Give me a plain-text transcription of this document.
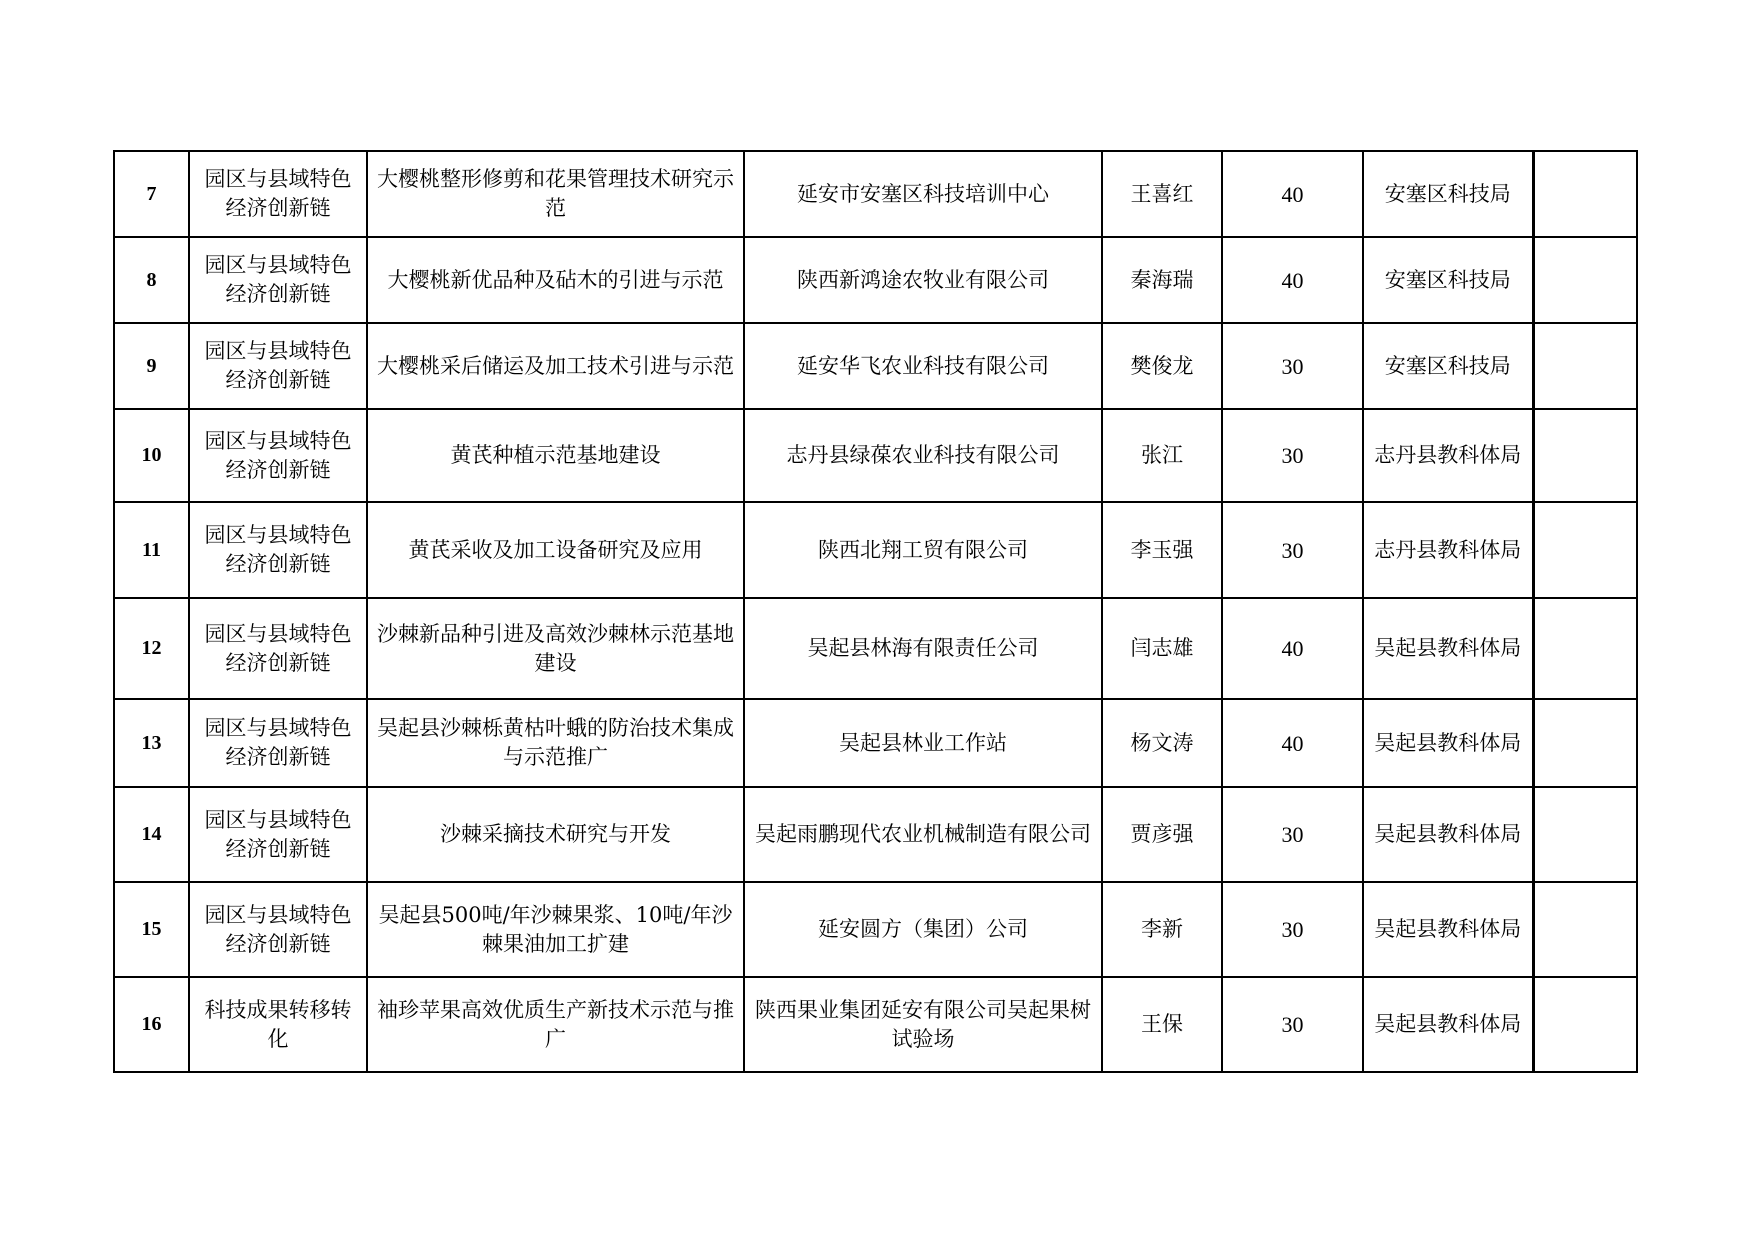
7	园区与县域特色经济创新链	大樱桃整形修剪和花果管理技术研究示范	延安市安塞区科技培训中心	王喜红	40	安塞区科技局	
8	园区与县域特色经济创新链	大樱桃新优品种及砧木的引进与示范	陕西新鸿途农牧业有限公司	秦海瑞	40	安塞区科技局	
9	园区与县域特色经济创新链	大樱桃采后储运及加工技术引进与示范	延安华飞农业科技有限公司	樊俊龙	30	安塞区科技局	
10	园区与县域特色经济创新链	黄芪种植示范基地建设	志丹县绿葆农业科技有限公司	张江	30	志丹县教科体局	
11	园区与县域特色经济创新链	黄芪采收及加工设备研究及应用	陕西北翔工贸有限公司	李玉强	30	志丹县教科体局	
12	园区与县域特色经济创新链	沙棘新品种引进及高效沙棘林示范基地建设	吴起县林海有限责任公司	闫志雄	40	吴起县教科体局	
13	园区与县域特色经济创新链	吴起县沙棘栎黄枯叶蛾的防治技术集成与示范推广	吴起县林业工作站	杨文涛	40	吴起县教科体局	
14	园区与县域特色经济创新链	沙棘采摘技术研究与开发	吴起雨鹏现代农业机械制造有限公司	贾彦强	30	吴起县教科体局	
15	园区与县域特色经济创新链	吴起县500吨/年沙棘果浆、10吨/年沙棘果油加工扩建	延安圆方（集团）公司	李新	30	吴起县教科体局	
16	科技成果转移转化	袖珍苹果高效优质生产新技术示范与推广	陕西果业集团延安有限公司吴起果树试验场	王保	30	吴起县教科体局	
